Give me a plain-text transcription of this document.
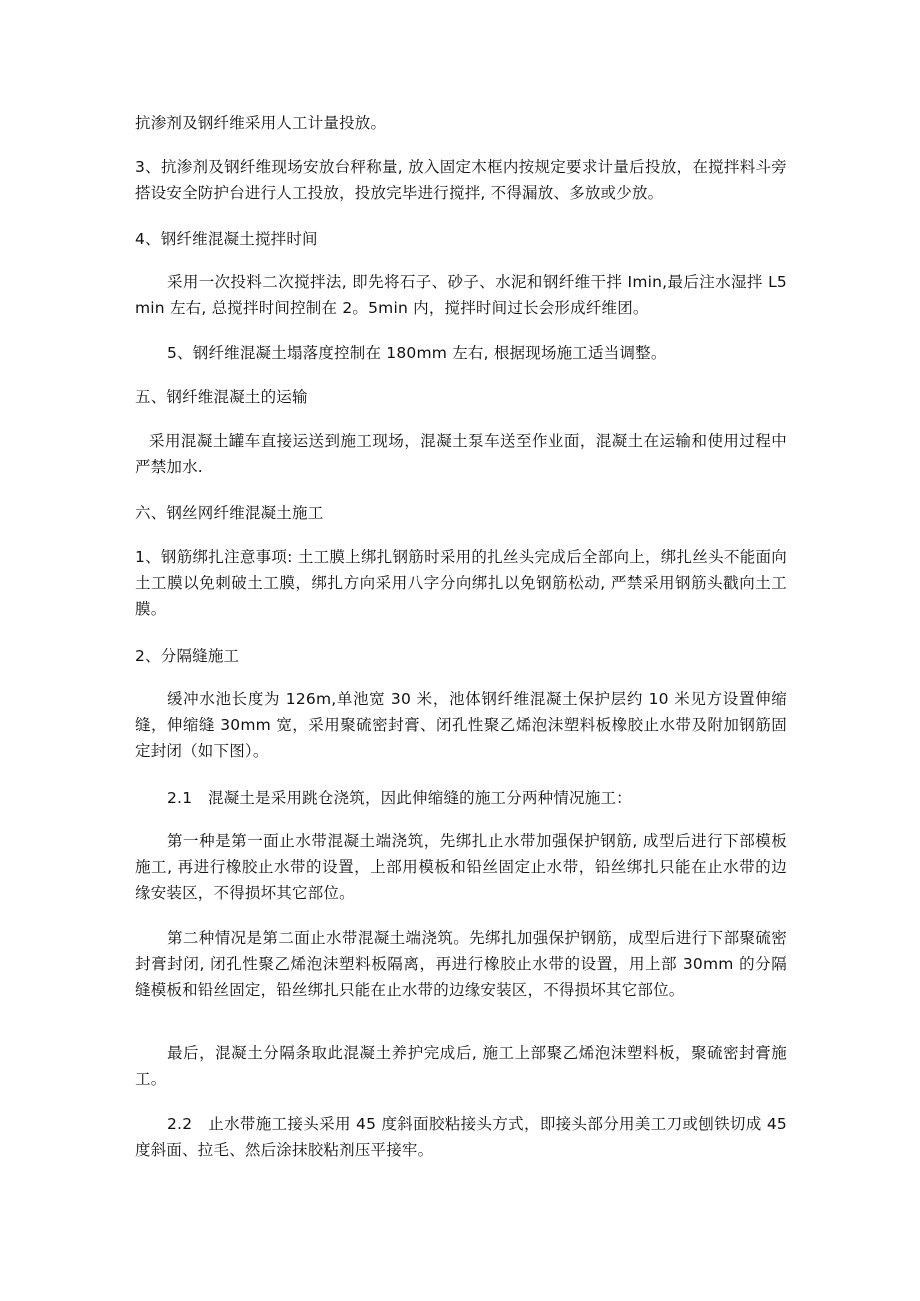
抗渗剂及钢纤维采用人工计量投放。

3、抗渗剂及钢纤维现场安放台秤称量, 放入固定木框内按规定要求计量后投放，在搅拌料斗旁搭设安全防护台进行人工投放，投放完毕进行搅拌, 不得漏放、多放或少放。

4、钢纤维混凝土搅拌时间

采用一次投料二次搅拌法, 即先将石子、砂子、水泥和钢纤维干拌 Imin,最后注水湿拌 L5min 左右, 总搅拌时间控制在 2。5min 内，搅拌时间过长会形成纤维团。

5、钢纤维混凝土塌落度控制在 180mm 左右, 根据现场施工适当调整。

五、钢纤维混凝土的运输

采用混凝土罐车直接运送到施工现场，混凝土泵车送至作业面，混凝土在运输和使用过程中严禁加水.

六、钢丝网纤维混凝土施工

1、钢筋绑扎注意事项: 土工膜上绑扎钢筋时采用的扎丝头完成后全部向上，绑扎丝头不能面向土工膜以免刺破土工膜，绑扎方向采用八字分向绑扎以免钢筋松动, 严禁采用钢筋头戳向土工膜。

2、分隔缝施工

缓冲水池长度为 126m,单池宽 30 米，池体钢纤维混凝土保护层约 10 米见方设置伸缩缝，伸缩缝 30mm 宽，采用聚硫密封膏、闭孔性聚乙烯泡沫塑料板橡胶止水带及附加钢筋固定封闭（如下图）。

2.1　混凝土是采用跳仓浇筑，因此伸缩缝的施工分两种情况施工：

第一种是第一面止水带混凝土端浇筑，先绑扎止水带加强保护钢筋, 成型后进行下部模板施工, 再进行橡胶止水带的设置，上部用模板和铅丝固定止水带，铅丝绑扎只能在止水带的边缘安装区，不得损坏其它部位。

第二种情况是第二面止水带混凝土端浇筑。先绑扎加强保护钢筋，成型后进行下部聚硫密封膏封闭, 闭孔性聚乙烯泡沫塑料板隔离，再进行橡胶止水带的设置，用上部 30mm 的分隔缝模板和铅丝固定，铅丝绑扎只能在止水带的边缘安装区，不得损坏其它部位。

最后，混凝土分隔条取此混凝土养护完成后, 施工上部聚乙烯泡沫塑料板，聚硫密封膏施工。

2.2　止水带施工接头采用 45 度斜面胶粘接头方式，即接头部分用美工刀或刨铁切成 45 度斜面、拉毛、然后涂抹胶粘剂压平接牢。
